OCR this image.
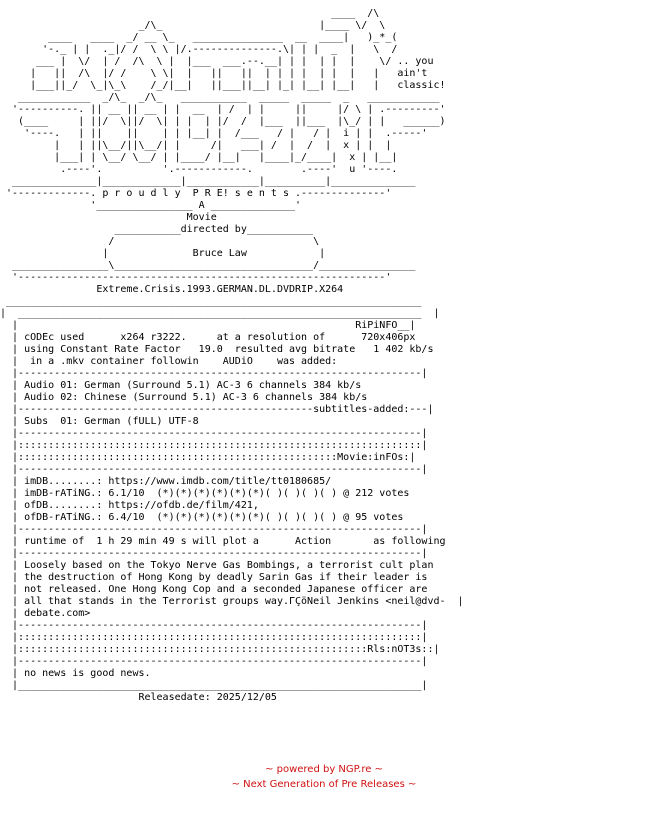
____  /\
_/\_                          |____ \/  \
____   ____  _/ __ \_   _______________  __  ____|   )_*_(
'-._ | |  ._|/ /  \ \ |/.--------------.\| | |  _  |   \  /
___ |  \/  | /  /\  \ |  |___  ___.--.__| | |  | |  |    \/ .. you
|   ||  /\  |/ /    \ \|  |   ||   ||  | | | |  | |  |   |   ain't
|___||_/  \_|\_\    /_/|__|   ||___||__| |_| |__| |__|   |   classic!
____________  _/\_  _/\_   ___________  _____  _____  _   ____________
'----------. || __ || __ | |  __  | /  | |     ||     |/ \ | .---------'
(____     | ||/  \||/  \| | |  | |/  /  |___  ||___  |\_/ | |   ______)
'----.   | ||    ||    | | |__| |  /___   / |   / |  i | |  .-----'
|   | ||\__/||\__/| |     /|   ___| /  |  /  |  x | |  |
|___| | \__/ \__/ | |____/ |__|   |____|_/____|  x | |__|
.----'.          '.------------.        .----'  u '----.
______________|_____________|____________|__________|______________
'-------------. p r o u d l y  P R E! s e n t s .--------------'
'________________ A ______________'
Movie
___________directed by___________
/                                 \
|              Bruce Law            |
________________\_________________________________/________________
'-------------------------------------------------------------'
Extreme.Crisis.1993.GERMAN.DL.DVDRIP.X264
_____________________________________________________________________
|  ___________________________________________________________________  |
|                                                        RiPiNFO__|
| cODEc used      x264 r3222.     at a resolution of      720x406px
| using Constant Rate Factor   19.0  resulted avg bitrate   1 402 kb/s
|  in a .mkv container followin    AUDiO    was added:
|-------------------------------------------------------------------|
| Audio 01: German (Surround 5.1) AC-3 6 channels 384 kb/s
| Audio 02: Chinese (Surround 5.1) AC-3 6 channels 384 kb/s
|-------------------------------------------------subtitles-added:---|
| Subs  01: German (fULL) UTF-8
|-------------------------------------------------------------------|
|:::::::::::::::::::::::::::::::::::::::::::::::::::::::::::::::::::|
|:::::::::::::::::::::::::::::::::::::::::::::::::::::Movie:inFOs:|
|-------------------------------------------------------------------|
| imDB........: https://www.imdb.com/title/tt0180685/
| imDB-rATiNG.: 6.1/10  (*)(*)(*)(*)(*)(*)( )( )( )( ) @ 212 votes
| ofDB........: https://ofdb.de/film/421,
| ofDB-rATiNG.: 6.4/10  (*)(*)(*)(*)(*)(*)( )( )( )( ) @ 95 votes
|-------------------------------------------------------------------|
| runtime of  1 h 29 min 49 s will plot a      Action       as following
|-------------------------------------------------------------------|
| Loosely based on the Tokyo Nerve Gas Bombings, a terrorist cult plan
| the destruction of Hong Kong by deadly Sarin Gas if their leader is
| not released. One Hong Kong Cop and a seconded Japanese officer are
| all that stands in the Terrorist groups way.ΓÇöNeil Jenkins <neil@dvd-  |
| debate.com>
|-------------------------------------------------------------------|
|:::::::::::::::::::::::::::::::::::::::::::::::::::::::::::::::::::|
|::::::::::::::::::::::::::::::::::::::::::::::::::::::::::Rls:nOT3s::|
|-------------------------------------------------------------------|
| no news is good news.
|___________________________________________________________________|
Releasedate: 2025/12/05
~ powered by NGP.re ~
~ Next Generation of Pre Releases ~
